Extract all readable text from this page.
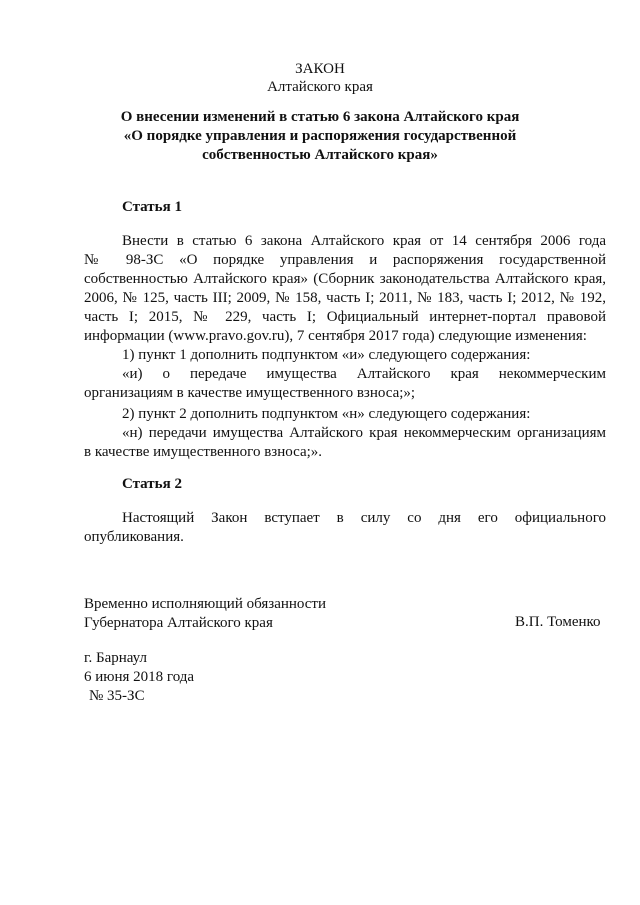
ЗАКОН
Алтайского края
О внесении изменений в статью 6 закона Алтайского края
«О порядке управления и распоряжения государственной
собственностью Алтайского края»
Статья 1
Внести в статью 6 закона Алтайского края от 14 сентября 2006 года
№ 98-ЗС «О порядке управления и распоряжения государственной
собственностью Алтайского края» (Сборник законодательства Алтайского края,
2006, № 125, часть III; 2009, № 158, часть I; 2011, № 183, часть I; 2012, № 192,
часть I; 2015, № 229, часть I; Официальный интернет-портал правовой
информации (www.pravo.gov.ru), 7 сентября 2017 года) следующие изменения:
1) пункт 1 дополнить подпунктом «и» следующего содержания:
«и) о передаче имущества Алтайского края некоммерческим
организациям в качестве имущественного взноса;»;
2) пункт 2 дополнить подпунктом «н» следующего содержания:
«н) передачи имущества Алтайского края некоммерческим организациям
в качестве имущественного взноса;».
Статья 2
Настоящий Закон вступает в силу со дня его официального
опубликования.
Временно исполняющий обязанности
Губернатора Алтайского края	В.П. Томенко
г. Барнаул
6 июня 2018 года
№ 35-ЗС
